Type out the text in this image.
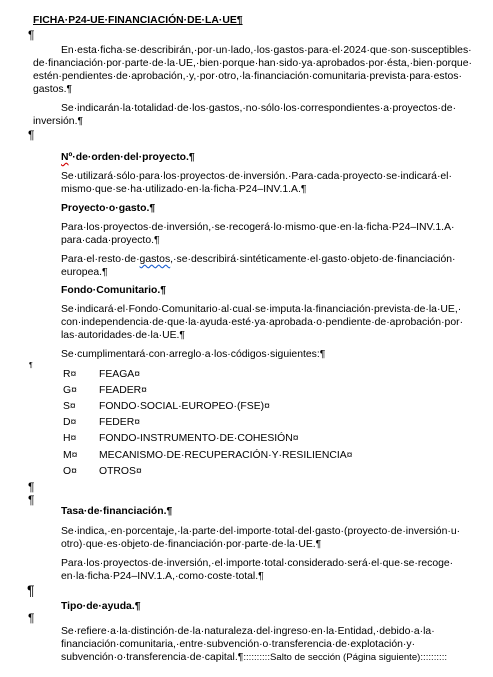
FICHA·P24-UE·FINANCIACIÓN·DE·LA·UE¶
¶
En·esta·ficha·se·describirán,·por·un·lado,·los·gastos·para·el·2024·que·son·susceptibles·
de·financiación·por·parte·de·la·UE,·bien·porque·han·sido·ya·aprobados·por·ésta,·bien·porque·
estén·pendientes·de·aprobación,·y,·por·otro,·la·financiación·comunitaria·prevista·para·estos·
gastos.¶
Se·indicarán·la·totalidad·de·los·gastos,·no·sólo·los·correspondientes·a·proyectos·de·
inversión.¶
¶
Nº·de·orden·del·proyecto.¶
Se·utilizará·sólo·para·los·proyectos·de·inversión.·Para·cada·proyecto·se·indicará·el·
mismo·que·se·ha·utilizado·en·la·ficha·P24–INV.1.A.¶
Proyecto·o·gasto.¶
Para·los·proyectos·de·inversión,·se·recogerá·lo·mismo·que·en·la·ficha·P24–INV.1.A·
para·cada·proyecto.¶
Para·el·resto·de·gastos,·se·describirá·sintéticamente·el·gasto·objeto·de·financiación·
europea.¶
Fondo·Comunitario.¶
Se·indicará·el·Fondo·Comunitario·al·cual·se·imputa·la·financiación·prevista·de·la·UE,·
con·independencia·de·que·la·ayuda·esté·ya·aprobada·o·pendiente·de·aprobación·por·
las·autoridades·de·la·UE.¶
Se·cumplimentará·con·arreglo·a·los·códigos·siguientes:¶
¶
R¤ FEAGA¤
G¤ FEADER¤
S¤ FONDO·SOCIAL·EUROPEO·(FSE)¤
D¤ FEDER¤
H¤ FONDO-INSTRUMENTO·DE·COHESIÓN¤
M¤ MECANISMO·DE·RECUPERACIÓN·Y·RESILIENCIA¤
O¤ OTROS¤
¶
¶
Tasa·de·financiación.¶
Se·indica,·en·porcentaje,·la·parte·del·importe·total·del·gasto·(proyecto·de·inversión·u·
otro)·que·es·objeto·de·financiación·por·parte·de·la·UE.¶
Para·los·proyectos·de·inversión,·el·importe·total·considerado·será·el·que·se·recoge·
en·la·ficha·P24–INV.1.A,·como·coste·total.¶
¶
Tipo·de·ayuda.¶
¶
Se·refiere·a·la·distinción·de·la·naturaleza·del·ingreso·en·la·Entidad,·debido·a·la·
financiación·comunitaria,·entre·subvención·o·transferencia·de·explotación·y·
subvención·o·transferencia·de·capital.¶::::::::::Salto de sección (Página siguiente)::::::::::
